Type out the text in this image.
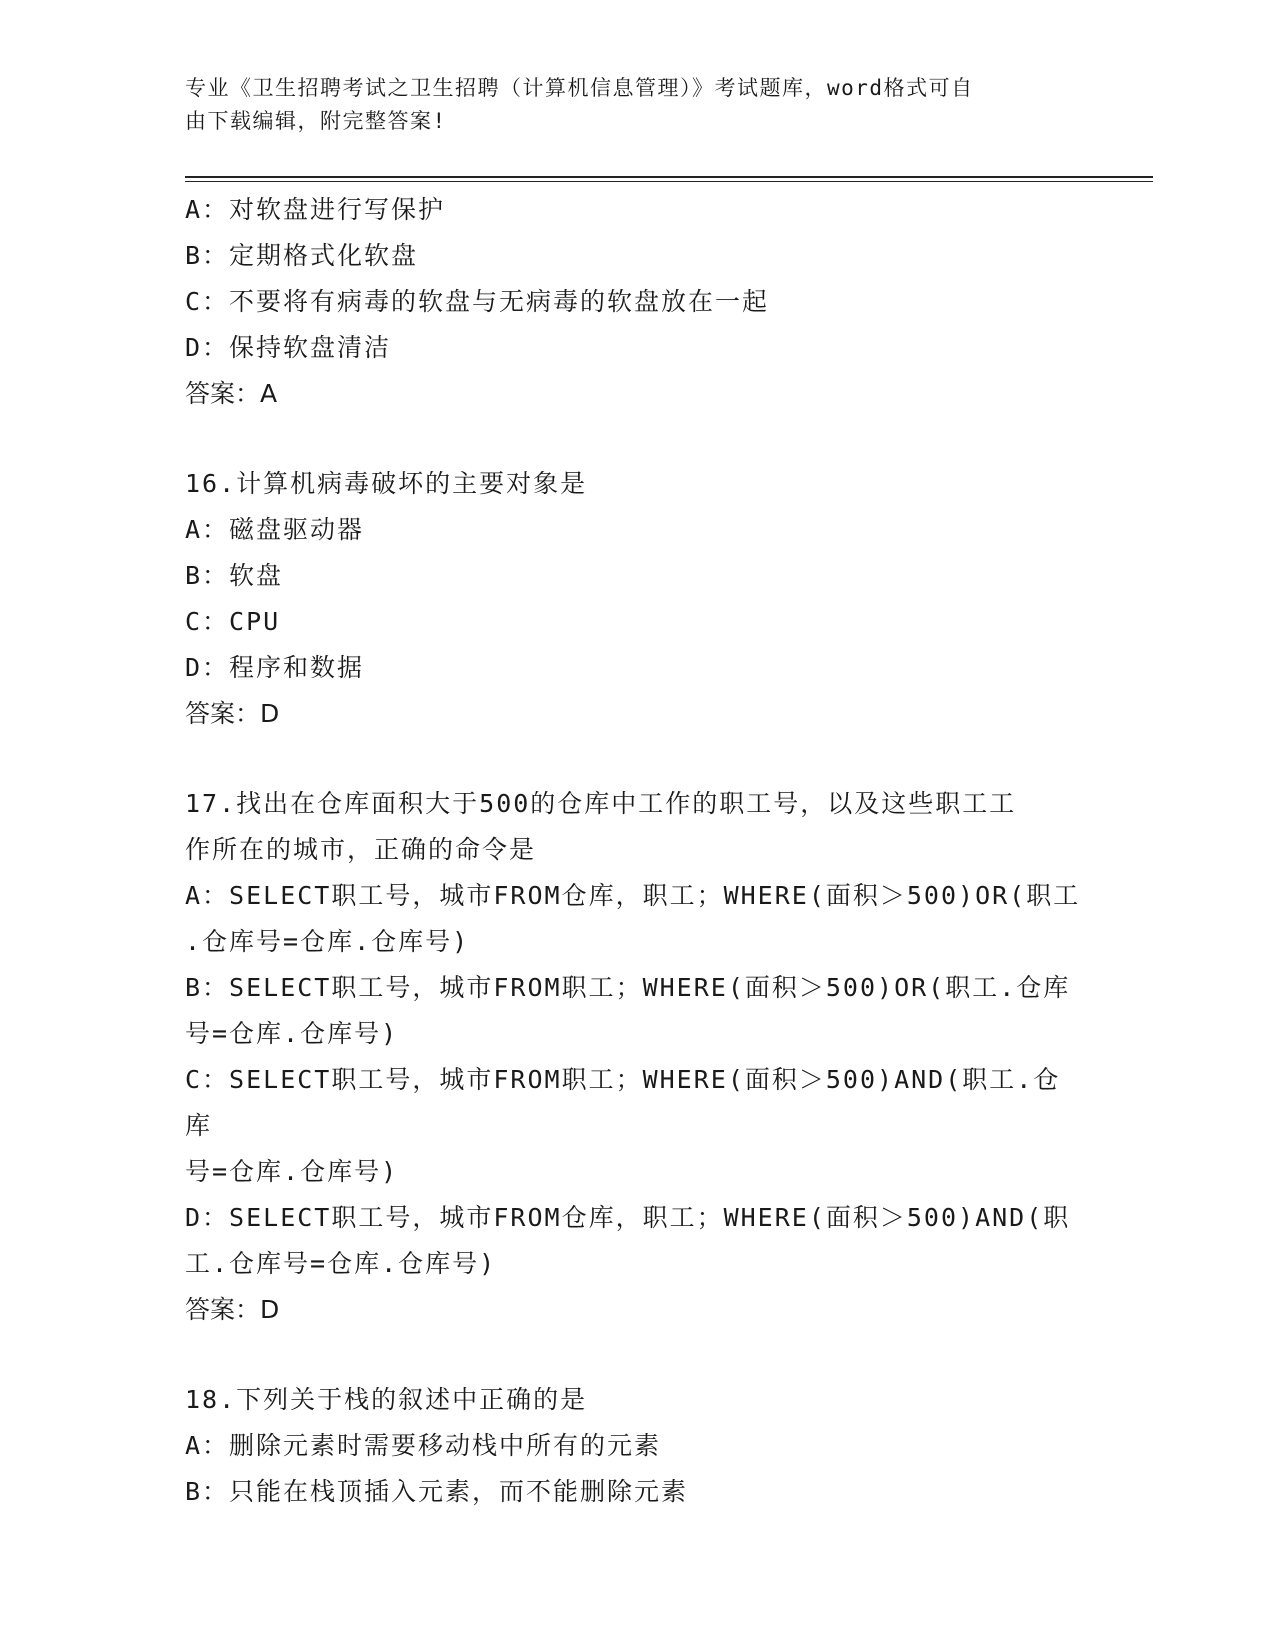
专业《卫生招聘考试之卫生招聘（计算机信息管理）》考试题库，word格式可自
由下载编辑，附完整答案!
A：对软盘进行写保护
B：定期格式化软盘
C：不要将有病毒的软盘与无病毒的软盘放在一起
D：保持软盘清洁
答案：A
16.计算机病毒破坏的主要对象是
A：磁盘驱动器
B：软盘
C：CPU
D：程序和数据
答案：D
17.找出在仓库面积大于500的仓库中工作的职工号，以及这些职工工
作所在的城市，正确的命令是
A：SELECT职工号，城市FROM仓库，职工；WHERE(面积＞500)OR(职工
.仓库号=仓库.仓库号)
B：SELECT职工号，城市FROM职工；WHERE(面积＞500)OR(职工.仓库
号=仓库.仓库号)
C：SELECT职工号，城市FROM职工；WHERE(面积＞500)AND(职工.仓库
号=仓库.仓库号)
D：SELECT职工号，城市FROM仓库，职工；WHERE(面积＞500)AND(职
工.仓库号=仓库.仓库号)
答案：D
18.下列关于栈的叙述中正确的是
A：删除元素时需要移动栈中所有的元素
B：只能在栈顶插入元素，而不能删除元素
